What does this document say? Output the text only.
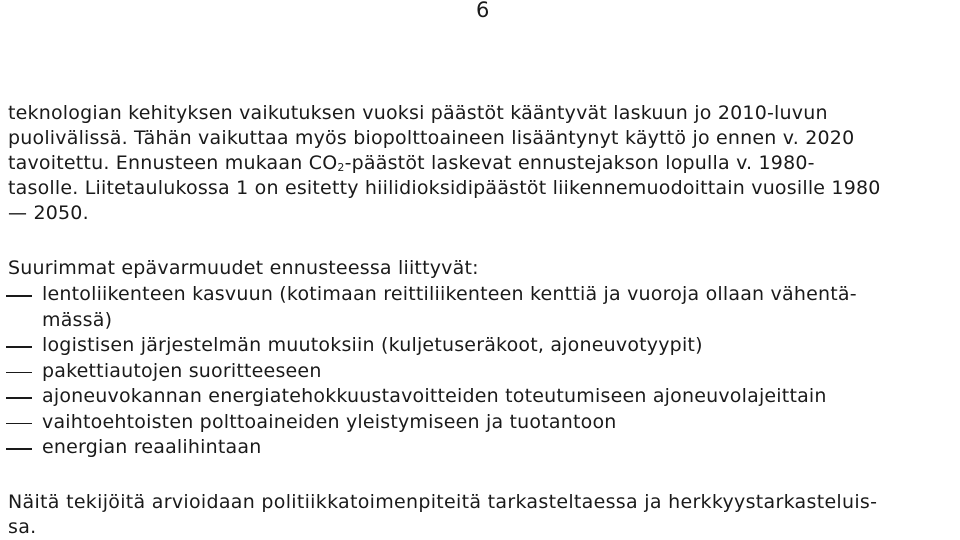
6
teknologian kehityksen vaikutuksen vuoksi päästöt kääntyvät laskuun jo 2010-luvun
puolivälissä. Tähän vaikuttaa myös biopolttoaineen lisääntynyt käyttö jo ennen v. 2020
tavoitettu. Ennusteen mukaan $CO_2$-päästöt laskevat ennustejakson lopulla v. 1980-
tasolle. Liitetaulukossa 1 on esitetty hiilidioksidipäästöt liikennemuodoittain vuosille 1980
— 2050.
Suurimmat epävarmuudet ennusteessa liittyvät:
lentoliikenteen kasvuun (kotimaan reittiliikenteen kenttiä ja vuoroja ollaan vähentä-
mässä)
logistisen järjestelmän muutoksiin (kuljetuseräkoot, ajoneuvotyypit)
pakettiautojen suoritteeseen
ajoneuvokannan energiatehokkuustavoitteiden toteutumiseen ajoneuvolajeittain
vaihtoehtoisten polttoaineiden yleistymiseen ja tuotantoon
energian reaalihintaan
Näitä tekijöitä arvioidaan politiikkatoimenpiteitä tarkasteltaessa ja herkkyystarkasteluis-
sa.
